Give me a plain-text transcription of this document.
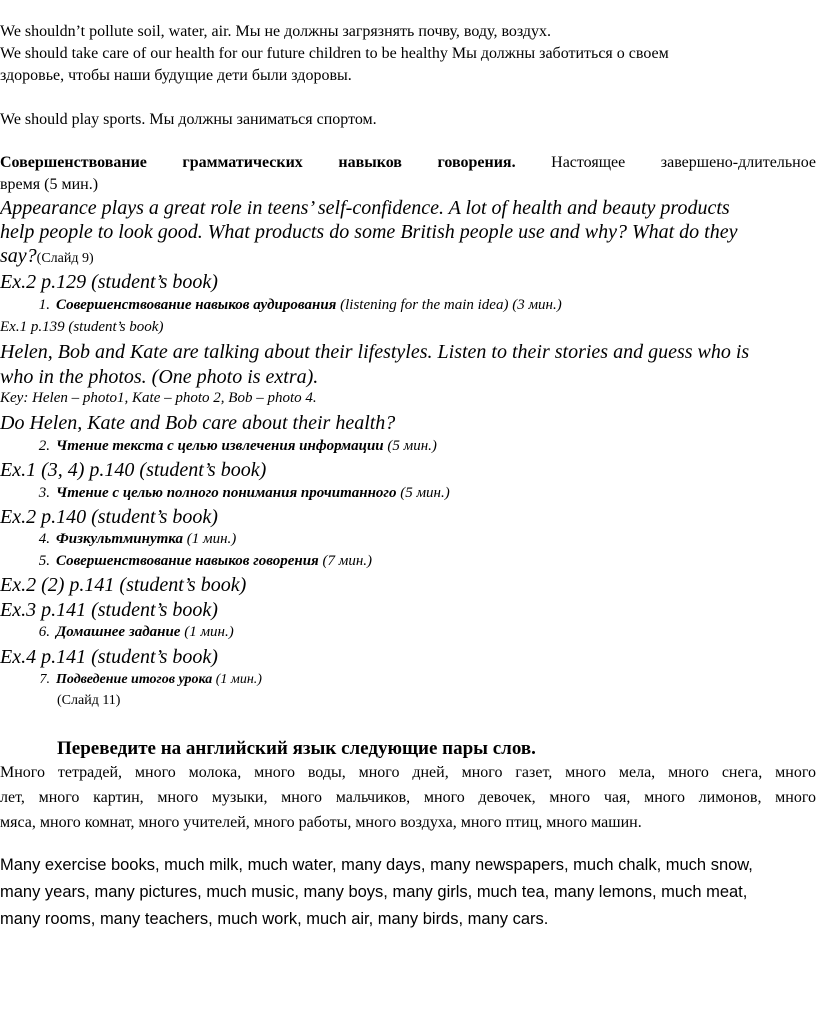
We shouldn’t pollute soil, water, air. Мы не должны загрязнять почву, воду, воздух.
We should take care of our health for our future children to be healthy Мы должны заботиться о своем
здоровье, чтобы наши будущие дети были здоровы.
We should play sports. Мы должны заниматься спортом.
Совершенствование грамматических навыков говорения. Настоящее завершено-длительное
время (5 мин.)
Appearance plays a great role in teens’ self-confidence. A lot of health and beauty products
help people to look good. What products do some British people use and why? What do they
say?(Слайд 9)
Ex.2 p.129 (student’s book)
1. Совершенствование навыков аудирования (listening for the main idea) (3 мин.)
Ex.1 p.139 (student’s book)
Helen, Bob and Kate are talking about their lifestyles. Listen to their stories and guess who is
who in the photos. (One photo is extra).
Key: Helen – photo1, Kate – photo 2, Bob – photo 4.
Do Helen, Kate and Bob care about their health?
2. Чтение текста с целью извлечения информации (5 мин.)
Ex.1 (3, 4) p.140 (student’s book)
3. Чтение с целью полного понимания прочитанного (5 мин.)
Ex.2 p.140 (student’s book)
4. Физкультминутка (1 мин.)
5. Совершенствование навыков говорения (7 мин.)
Ex.2 (2) p.141 (student’s book)
Ex.3 p.141 (student’s book)
6. Домашнее задание (1 мин.)
Ex.4 p.141 (student’s book)
7. Подведение итогов урока (1 мин.)
(Слайд 11)
Переведите на английский язык следующие пары слов.
Много тетрадей, много молока, много воды, много дней, много газет, много мела, много снега, много
лет, много картин, много музыки, много мальчиков, много девочек, много чая, много лимонов, много
мяса, много комнат, много учителей, много работы, много воздуха, много птиц, много машин.
Many exercise books, much milk, much water, many days, many newspapers, much chalk, much snow,
many years, many pictures, much music, many boys, many girls, much tea, many lemons, much meat,
many rooms, many teachers, much work, much air, many birds, many cars.
